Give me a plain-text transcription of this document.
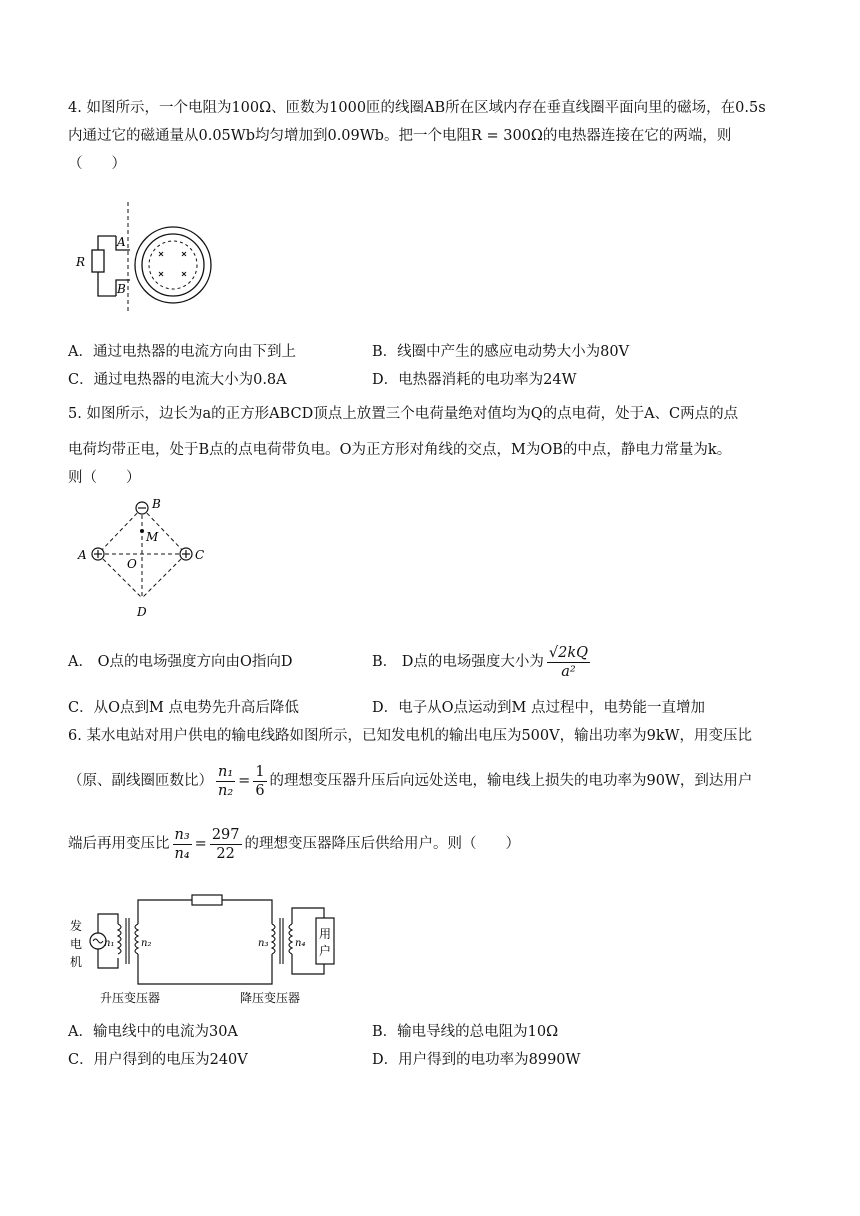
4. 如图所示，一个电阻为100Ω、匝数为1000匝的线圈AB所在区域内存在垂直线圈平面向里的磁场，在0.5s
内通过它的磁通量从0.05Wb均匀增加到0.09Wb。把一个电阻R = 300Ω的电热器连接在它的两端，则
（　　）
R
A
B
A．通过电热器的电流方向由下到上	B．线圈中产生的感应电动势大小为80V
C．通过电热器的电流大小为0.8A	D．电热器消耗的电功率为24W
5. 如图所示，边长为a的正方形ABCD顶点上放置三个电荷量绝对值均为Q的点电荷，处于A、C两点的点
电荷均带正电，处于B点的点电荷带负电。O为正方形对角线的交点，M为OB的中点，静电力常量为k。
则（　　）
B
A	C
D
O
M
A． O点的电场强度方向由O指向D	B． D点的电场强度大小为 $\frac{√2kQ}{\text{a²}}$
C．从O点到M 点电势先升高后降低	D．电子从O点运动到M 点过程中，电势能一直增加
6. 某水电站对用户供电的输电线路如图所示，已知发电机的输出电压为500V，输出功率为9kW，用变压比
（原、副线圈匝数比） $\frac{\text{n₁}}{\text{n₂}} = \frac{1}{6}$ 的理想变压器升压后向远处送电，输电线上损失的电功率为90W，到达用户
端后再用变压比 $\frac{\text{n₃}}{\text{n₄}} = \frac{297}{22}$ 的理想变压器降压后供给用户。则（　　）
发
电
机
n₁	n₂	n₃	n₄
用
户
升压变压器	降压变压器
A．输电线中的电流为30A	B．输电导线的总电阻为10Ω
C．用户得到的电压为240V	D．用户得到的电功率为8990W
